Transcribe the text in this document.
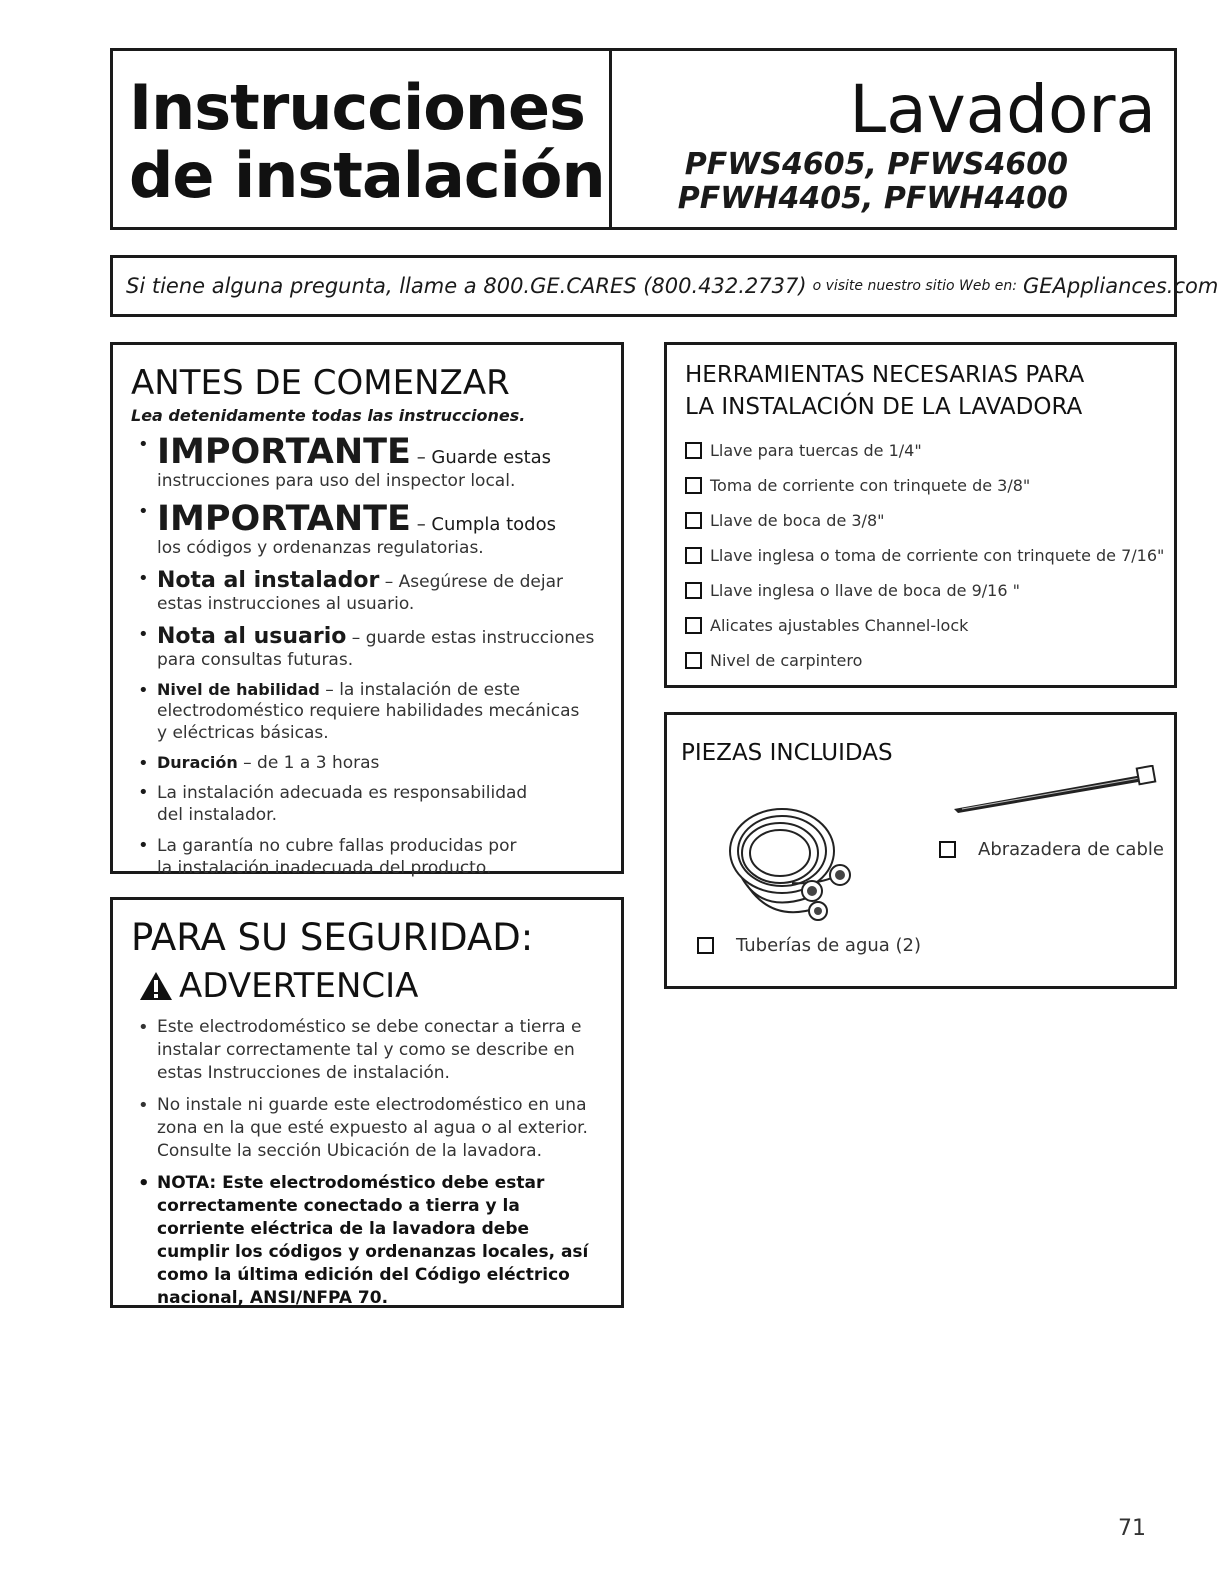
Instrucciones
de instalación
Lavadora
PFWS4605, PFWS4600
PFWH4405, PFWH4400
Si tiene alguna pregunta, llame a 800.GE.CARES (800.432.2737) o visite nuestro sitio Web en: GEAppliances.com
ANTES DE COMENZAR
Lea detenidamente todas las instrucciones.
• IMPORTANTE – Guarde estas
instrucciones para uso del inspector local.
• IMPORTANTE – Cumpla todos
los códigos y ordenanzas regulatorias.
• Nota al instalador – Asegúrese de dejar
estas instrucciones al usuario.
• Nota al usuario – guarde estas instrucciones
para consultas futuras.
• Nivel de habilidad – la instalación de este
electrodoméstico requiere habilidades mecánicas
y eléctricas básicas.
• Duración – de 1 a 3 horas
• La instalación adecuada es responsabilidad
del instalador.
• La garantía no cubre fallas producidas por
la instalación inadecuada del producto.
PARA SU SEGURIDAD:
ADVERTENCIA
• Este electrodoméstico se debe conectar a tierra e instalar correctamente tal y como se describe en estas Instrucciones de instalación.
• No instale ni guarde este electrodoméstico en una zona en la que esté expuesto al agua o al exterior. Consulte la sección Ubicación de la lavadora.
• NOTA: Este electrodoméstico debe estar correctamente conectado a tierra y la corriente eléctrica de la lavadora debe cumplir los códigos y ordenanzas locales, así como la última edición del Código eléctrico nacional, ANSI/NFPA 70.
HERRAMIENTAS NECESARIAS PARA
LA INSTALACIÓN DE LA LAVADORA
Llave para tuercas de 1/4"
Toma de corriente con trinquete de 3/8"
Llave de boca de 3/8"
Llave inglesa o toma de corriente con trinquete de 7/16"
Llave inglesa o llave de boca de 9/16 "
Alicates ajustables Channel-lock
Nivel de carpintero
PIEZAS INCLUIDAS
Abrazadera de cable
Tuberías de agua (2)
71
